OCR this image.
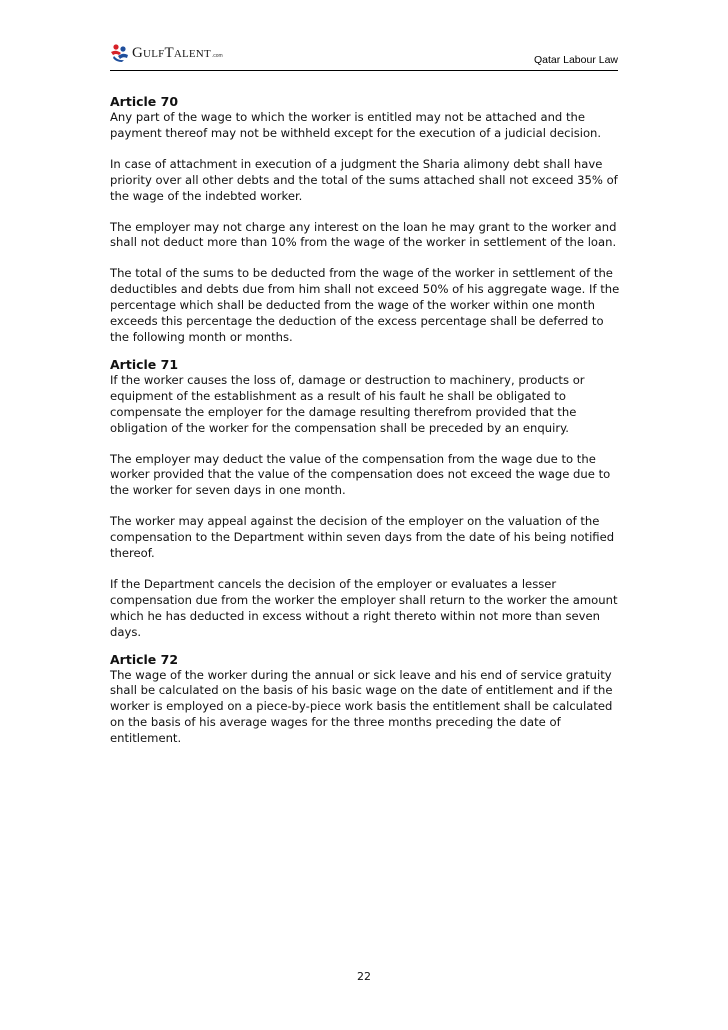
GULFTALENT .com	Qatar Labour Law
Article 70

Any part of the wage to which the worker is entitled may not be attached and the payment thereof may not be withheld except for the execution of a judicial decision.

In case of attachment in execution of a judgment the Sharia alimony debt shall have priority over all other debts and the total of the sums attached shall not exceed 35% of the wage of the indebted worker.

The employer may not charge any interest on the loan he may grant to the worker and shall not deduct more than 10% from the wage of the worker in settlement of the loan.

The total of the sums to be deducted from the wage of the worker in settlement of the deductibles and debts due from him shall not exceed 50% of his aggregate wage. If the percentage which shall be deducted from the wage of the worker within one month exceeds this percentage the deduction of the excess percentage shall be deferred to the following month or months.

Article 71

If the worker causes the loss of, damage or destruction to machinery, products or equipment of the establishment as a result of his fault he shall be obligated to compensate the employer for the damage resulting therefrom provided that the obligation of the worker for the compensation shall be preceded by an enquiry.

The employer may deduct the value of the compensation from the wage due to the worker provided that the value of the compensation does not exceed the wage due to the worker for seven days in one month.

The worker may appeal against the decision of the employer on the valuation of the compensation to the Department within seven days from the date of his being notified thereof.

If the Department cancels the decision of the employer or evaluates a lesser compensation due from the worker the employer shall return to the worker the amount which he has deducted in excess without a right thereto within not more than seven days.

Article 72

The wage of the worker during the annual or sick leave and his end of service gratuity shall be calculated on the basis of his basic wage on the date of entitlement and if the worker is employed on a piece-by-piece work basis the entitlement shall be calculated on the basis of his average wages for the three months preceding the date of entitlement.

22
